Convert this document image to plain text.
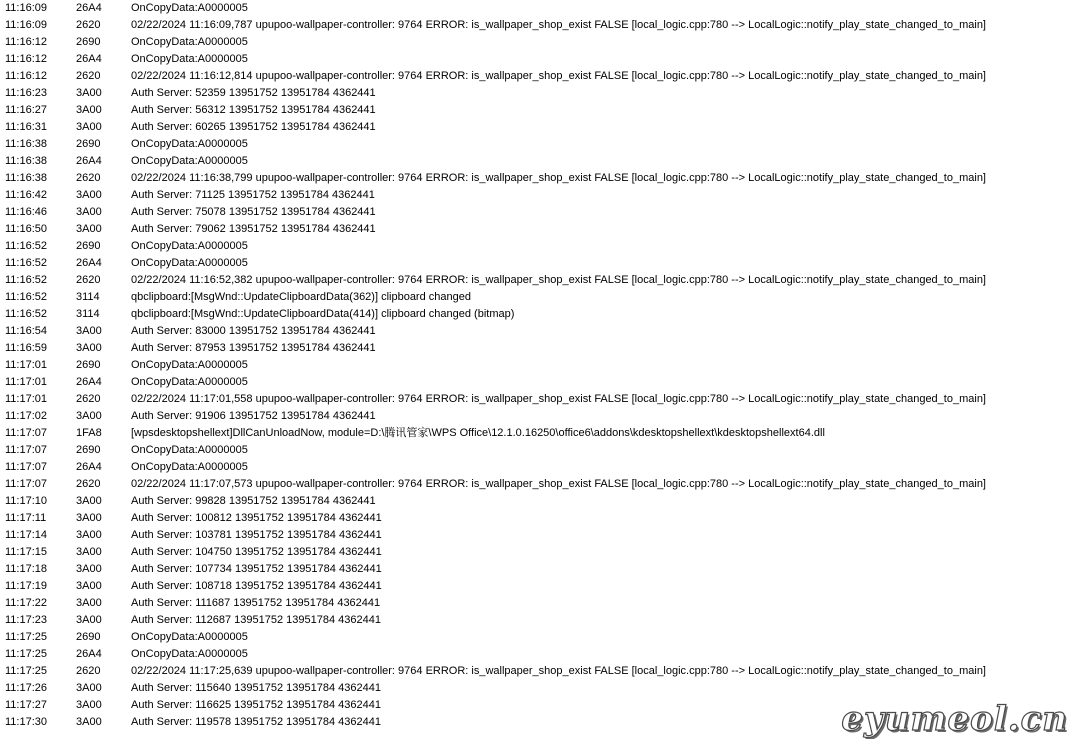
11:16:09	26A4	OnCopyData:A0000005
11:16:09	2620	02/22/2024 11:16:09,787 upupoo-wallpaper-controller: 9764 ERROR: is_wallpaper_shop_exist FALSE [local_logic.cpp:780 --> LocalLogic::notify_play_state_changed_to_main]
11:16:12	2690	OnCopyData:A0000005
11:16:12	26A4	OnCopyData:A0000005
11:16:12	2620	02/22/2024 11:16:12,814 upupoo-wallpaper-controller: 9764 ERROR: is_wallpaper_shop_exist FALSE [local_logic.cpp:780 --> LocalLogic::notify_play_state_changed_to_main]
11:16:23	3A00	Auth Server: 52359 13951752 13951784 4362441
11:16:27	3A00	Auth Server: 56312 13951752 13951784 4362441
11:16:31	3A00	Auth Server: 60265 13951752 13951784 4362441
11:16:38	2690	OnCopyData:A0000005
11:16:38	26A4	OnCopyData:A0000005
11:16:38	2620	02/22/2024 11:16:38,799 upupoo-wallpaper-controller: 9764 ERROR: is_wallpaper_shop_exist FALSE [local_logic.cpp:780 --> LocalLogic::notify_play_state_changed_to_main]
11:16:42	3A00	Auth Server: 71125 13951752 13951784 4362441
11:16:46	3A00	Auth Server: 75078 13951752 13951784 4362441
11:16:50	3A00	Auth Server: 79062 13951752 13951784 4362441
11:16:52	2690	OnCopyData:A0000005
11:16:52	26A4	OnCopyData:A0000005
11:16:52	2620	02/22/2024 11:16:52,382 upupoo-wallpaper-controller: 9764 ERROR: is_wallpaper_shop_exist FALSE [local_logic.cpp:780 --> LocalLogic::notify_play_state_changed_to_main]
11:16:52	3114	qbclipboard:[MsgWnd::UpdateClipboardData(362)] clipboard changed
11:16:52	3114	qbclipboard:[MsgWnd::UpdateClipboardData(414)] clipboard changed (bitmap)
11:16:54	3A00	Auth Server: 83000 13951752 13951784 4362441
11:16:59	3A00	Auth Server: 87953 13951752 13951784 4362441
11:17:01	2690	OnCopyData:A0000005
11:17:01	26A4	OnCopyData:A0000005
11:17:01	2620	02/22/2024 11:17:01,558 upupoo-wallpaper-controller: 9764 ERROR: is_wallpaper_shop_exist FALSE [local_logic.cpp:780 --> LocalLogic::notify_play_state_changed_to_main]
11:17:02	3A00	Auth Server: 91906 13951752 13951784 4362441
11:17:07	1FA8	[wpsdesktopshellext]DllCanUnloadNow, module=D:\腾讯管家\WPS Office\12.1.0.16250\office6\addons\kdesktopshellext\kdesktopshellext64.dll
11:17:07	2690	OnCopyData:A0000005
11:17:07	26A4	OnCopyData:A0000005
11:17:07	2620	02/22/2024 11:17:07,573 upupoo-wallpaper-controller: 9764 ERROR: is_wallpaper_shop_exist FALSE [local_logic.cpp:780 --> LocalLogic::notify_play_state_changed_to_main]
11:17:10	3A00	Auth Server: 99828 13951752 13951784 4362441
11:17:11	3A00	Auth Server: 100812 13951752 13951784 4362441
11:17:14	3A00	Auth Server: 103781 13951752 13951784 4362441
11:17:15	3A00	Auth Server: 104750 13951752 13951784 4362441
11:17:18	3A00	Auth Server: 107734 13951752 13951784 4362441
11:17:19	3A00	Auth Server: 108718 13951752 13951784 4362441
11:17:22	3A00	Auth Server: 111687 13951752 13951784 4362441
11:17:23	3A00	Auth Server: 112687 13951752 13951784 4362441
11:17:25	2690	OnCopyData:A0000005
11:17:25	26A4	OnCopyData:A0000005
11:17:25	2620	02/22/2024 11:17:25,639 upupoo-wallpaper-controller: 9764 ERROR: is_wallpaper_shop_exist FALSE [local_logic.cpp:780 --> LocalLogic::notify_play_state_changed_to_main]
11:17:26	3A00	Auth Server: 115640 13951752 13951784 4362441
11:17:27	3A00	Auth Server: 116625 13951752 13951784 4362441
11:17:30	3A00	Auth Server: 119578 13951752 13951784 4362441	eyumeol.cn
